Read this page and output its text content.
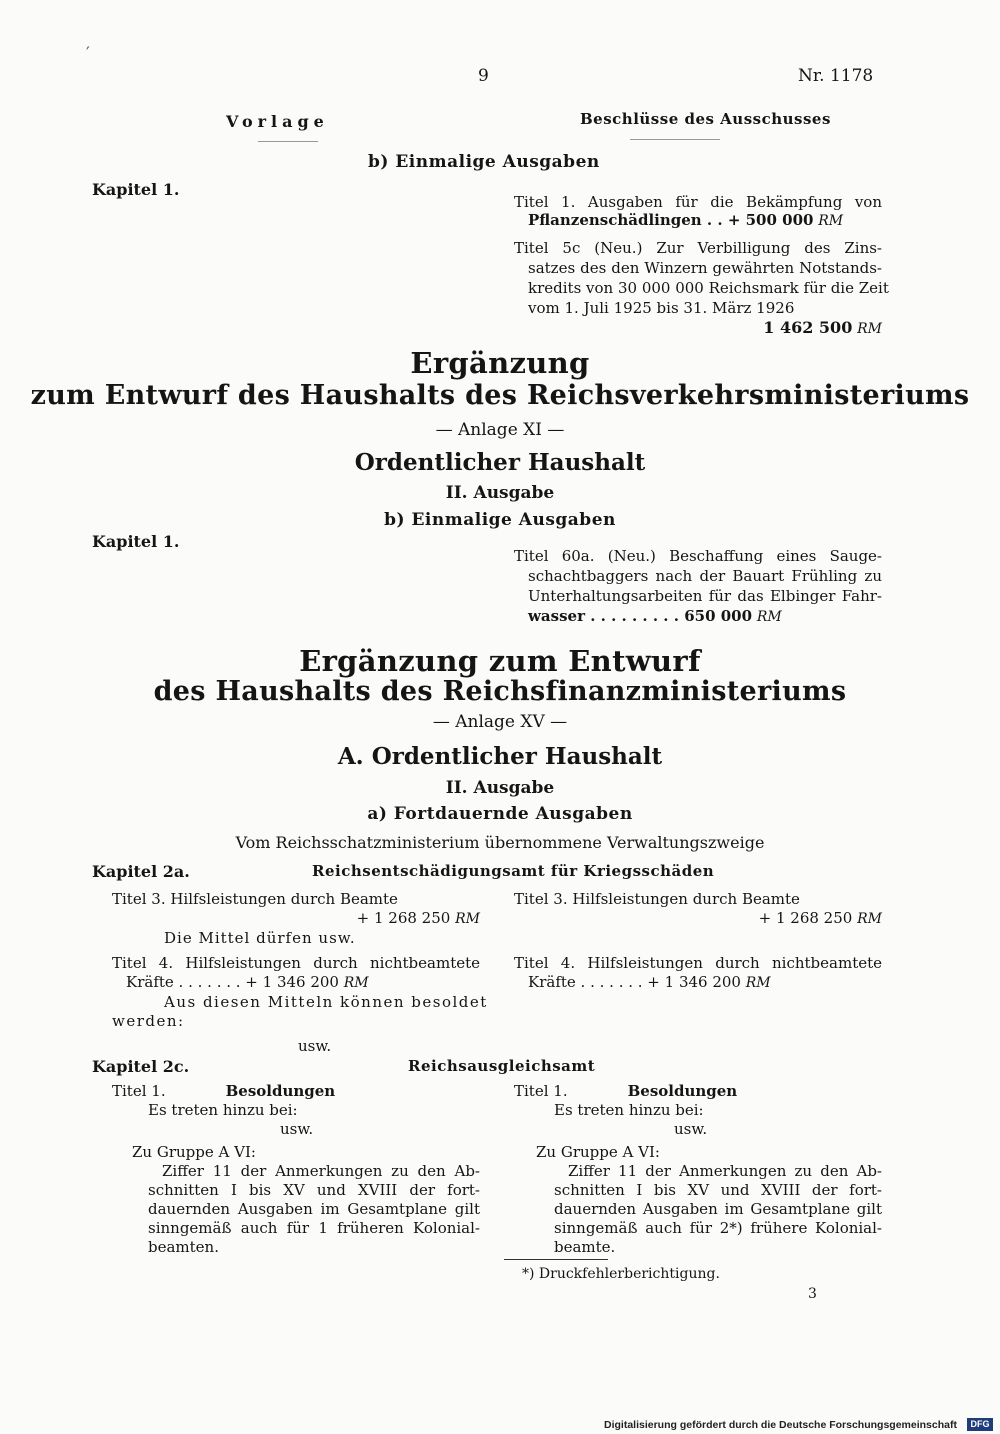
′
9	Nr. 1178
Vorlage	Beschlüsse des Ausschusses
b) Einmalige Ausgaben
Kapitel 1.
Titel 1. Ausgaben für die Bekämpfung von
Pflanzenschädlingen . . + 500 000 RM
Titel 5c (Neu.) Zur Verbilligung des Zins-
satzes des den Winzern gewährten Notstands-
kredits von 30 000 000 Reichsmark für die Zeit
vom 1. Juli 1925 bis 31. März 1926
1 462 500 RM
Ergänzung
zum Entwurf des Haushalts des Reichsverkehrsministeriums
— Anlage XI —
Ordentlicher Haushalt
II. Ausgabe
b) Einmalige Ausgaben
Kapitel 1.
Titel 60a. (Neu.) Beschaffung eines Sauge-
schachtbaggers nach der Bauart Frühling zu
Unterhaltungsarbeiten für das Elbinger Fahr-
wasser . . . . . . . . . 650 000 RM
Ergänzung zum Entwurf
des Haushalts des Reichsfinanzministeriums
— Anlage XV —
A. Ordentlicher Haushalt
II. Ausgabe
a) Fortdauernde Ausgaben
Vom Reichsschatzministerium übernommene Verwaltungszweige
Kapitel 2a.	Reichsentschädigungsamt für Kriegsschäden
Titel 3. Hilfsleistungen durch Beamte
+ 1 268 250 RM
Die Mittel dürfen usw.
Titel 4. Hilfsleistungen durch nichtbeamtete
Kräfte . . . . . . . + 1 346 200 RM
Aus diesen Mitteln können besoldet
werden:
usw.
Titel 3. Hilfsleistungen durch Beamte
+ 1 268 250 RM
Titel 4. Hilfsleistungen durch nichtbeamtete
Kräfte . . . . . . . + 1 346 200 RM
Kapitel 2c.	Reichsausgleichsamt
Titel 1.	Besoldungen
Es treten hinzu bei:
usw.
Zu Gruppe A VI:
Ziffer 11 der Anmerkungen zu den Ab-
schnitten I bis XV und XVIII der fort-
dauernden Ausgaben im Gesamtplane gilt
sinngemäß auch für 1 früheren Kolonial-
beamten.
Titel 1.	Besoldungen
Es treten hinzu bei:
usw.
Zu Gruppe A VI:
Ziffer 11 der Anmerkungen zu den Ab-
schnitten I bis XV und XVIII der fort-
dauernden Ausgaben im Gesamtplane gilt
sinngemäß auch für 2*) frühere Kolonial-
beamte.
*) Druckfehlerberichtigung.
3
Digitalisierung gefördert durch die Deutsche Forschungsgemeinschaft	DFG
